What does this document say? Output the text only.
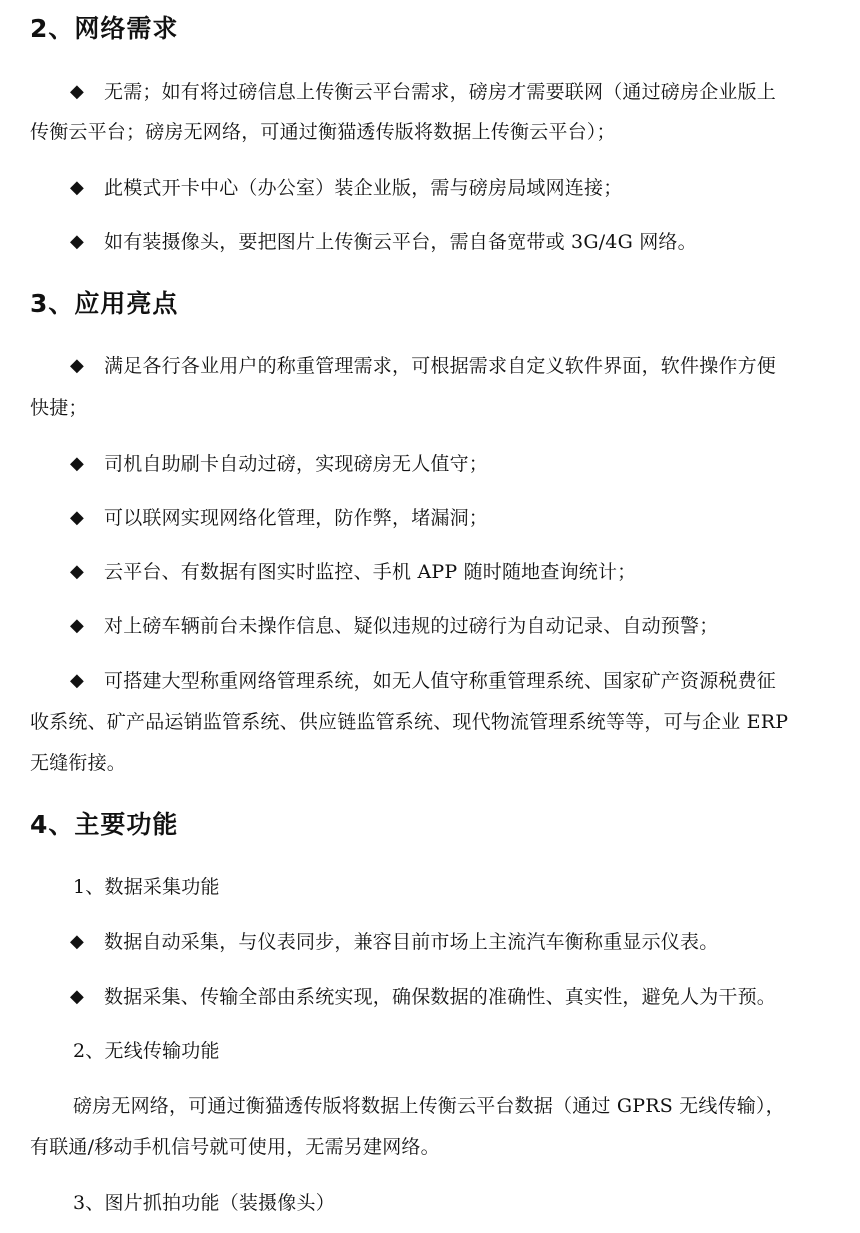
2、网络需求
◆ 无需；如有将过磅信息上传衡云平台需求，磅房才需要联网（通过磅房企业版上
传衡云平台；磅房无网络，可通过衡猫透传版将数据上传衡云平台）；
◆ 此模式开卡中心（办公室）装企业版，需与磅房局域网连接；
◆ 如有装摄像头，要把图片上传衡云平台，需自备宽带或 3G/4G 网络。
3、应用亮点
◆ 满足各行各业用户的称重管理需求，可根据需求自定义软件界面，软件操作方便
快捷；
◆ 司机自助刷卡自动过磅，实现磅房无人值守；
◆ 可以联网实现网络化管理，防作弊，堵漏洞；
◆ 云平台、有数据有图实时监控、手机 APP 随时随地查询统计；
◆ 对上磅车辆前台未操作信息、疑似违规的过磅行为自动记录、自动预警；
◆ 可搭建大型称重网络管理系统，如无人值守称重管理系统、国家矿产资源税费征
收系统、矿产品运销监管系统、供应链监管系统、现代物流管理系统等等，可与企业 ERP
无缝衔接。
4、主要功能
1、数据采集功能
◆ 数据自动采集，与仪表同步，兼容目前市场上主流汽车衡称重显示仪表。
◆ 数据采集、传输全部由系统实现，确保数据的准确性、真实性，避免人为干预。
2、无线传输功能
磅房无网络，可通过衡猫透传版将数据上传衡云平台数据（通过 GPRS 无线传输），
有联通/移动手机信号就可使用，无需另建网络。
3、图片抓拍功能（装摄像头）
